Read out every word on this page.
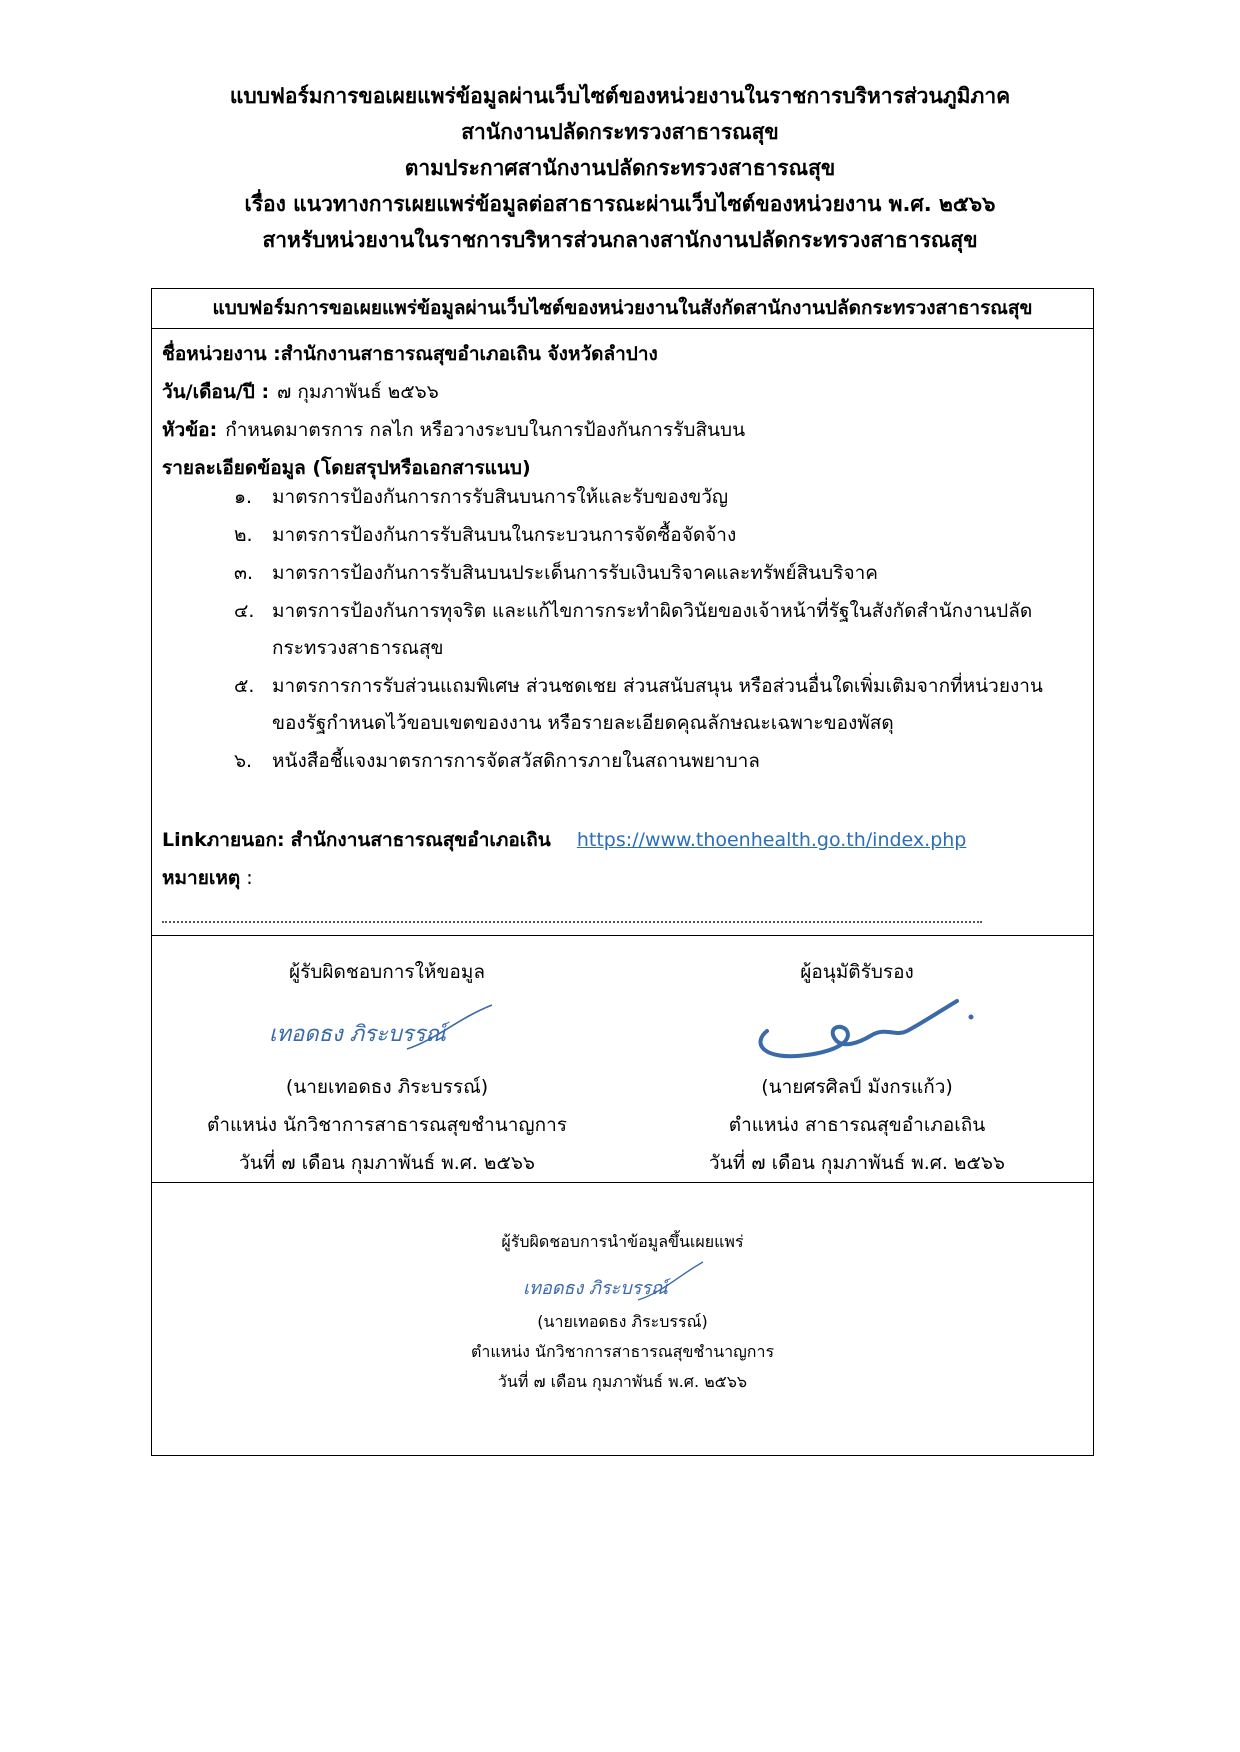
แบบฟอร์มการขอเผยแพร่ข้อมูลผ่านเว็บไซต์ของหน่วยงานในราชการบริหารส่วนภูมิภาค
สานักงานปลัดกระทรวงสาธารณสุข
ตามประกาศสานักงานปลัดกระทรวงสาธารณสุข
เรื่อง แนวทางการเผยแพร่ข้อมูลต่อสาธารณะผ่านเว็บไซต์ของหน่วยงาน พ.ศ. ๒๕๖๖
สาหรับหน่วยงานในราชการบริหารส่วนกลางสานักงานปลัดกระทรวงสาธารณสุข
แบบฟอร์มการขอเผยแพร่ข้อมูลผ่านเว็บไซต์ของหน่วยงานในสังกัดสานักงานปลัดกระทรวงสาธารณสุข
ชื่อหน่วยงาน :สำนักงานสาธารณสุขอำเภอเถิน จังหวัดลำปาง
วัน/เดือน/ปี : ๗ กุมภาพันธ์ ๒๕๖๖
หัวข้อ: กำหนดมาตรการ กลไก หรือวางระบบในการป้องกันการรับสินบน
รายละเอียดข้อมูล (โดยสรุปหรือเอกสารแนบ)
๑.	มาตรการป้องกันการการรับสินบนการให้และรับของขวัญ
๒.	มาตรการป้องกันการรับสินบนในกระบวนการจัดซื้อจัดจ้าง
๓. มาตรการป้องกันการรับสินบนประเด็นการรับเงินบริจาคและทรัพย์สินบริจาค
๔. มาตรการป้องกันการทุจริต และแก้ไขการกระทำผิดวินัยของเจ้าหน้าที่รัฐในสังกัดสำนักงานปลัดกระทรวงสาธารณสุข
๕. มาตรการการรับส่วนแถมพิเศษ ส่วนชดเชย ส่วนสนับสนุน หรือส่วนอื่นใดเพิ่มเติมจากที่หน่วยงานของรัฐกำหนดไว้ขอบเขตของงาน หรือรายละเอียดคุณลักษณะเฉพาะของพัสดุ
๖.	หนังสือชี้แจงมาตรการการจัดสวัสดิการภายในสถานพยาบาล
Linkภายนอก: สำนักงานสาธารณสุขอำเภอเถิน https://www.thoenhealth.go.th/index.php
หมายเหตุ :
ผู้รับผิดชอบการให้ขอมูล
เทอดธง ภิระบรรณ์
(นายเทอดธง ภิระบรรณ์)
ตำแหน่ง นักวิชาการสาธารณสุขชำนาญการ
วันที่ ๗ เดือน กุมภาพันธ์ พ.ศ. ๒๕๖๖
ผู้อนุมัติรับรอง
(นายศรศิลป์ มังกรแก้ว)
ตำแหน่ง สาธารณสุขอำเภอเถิน
วันที่ ๗ เดือน กุมภาพันธ์ พ.ศ. ๒๕๖๖
ผู้รับผิดชอบการนำข้อมูลขึ้นเผยแพร่
เทอดธง ภิระบรรณ์
(นายเทอดธง ภิระบรรณ์)
ตำแหน่ง นักวิชาการสาธารณสุขชำนาญการ
วันที่ ๗ เดือน กุมภาพันธ์ พ.ศ. ๒๕๖๖
